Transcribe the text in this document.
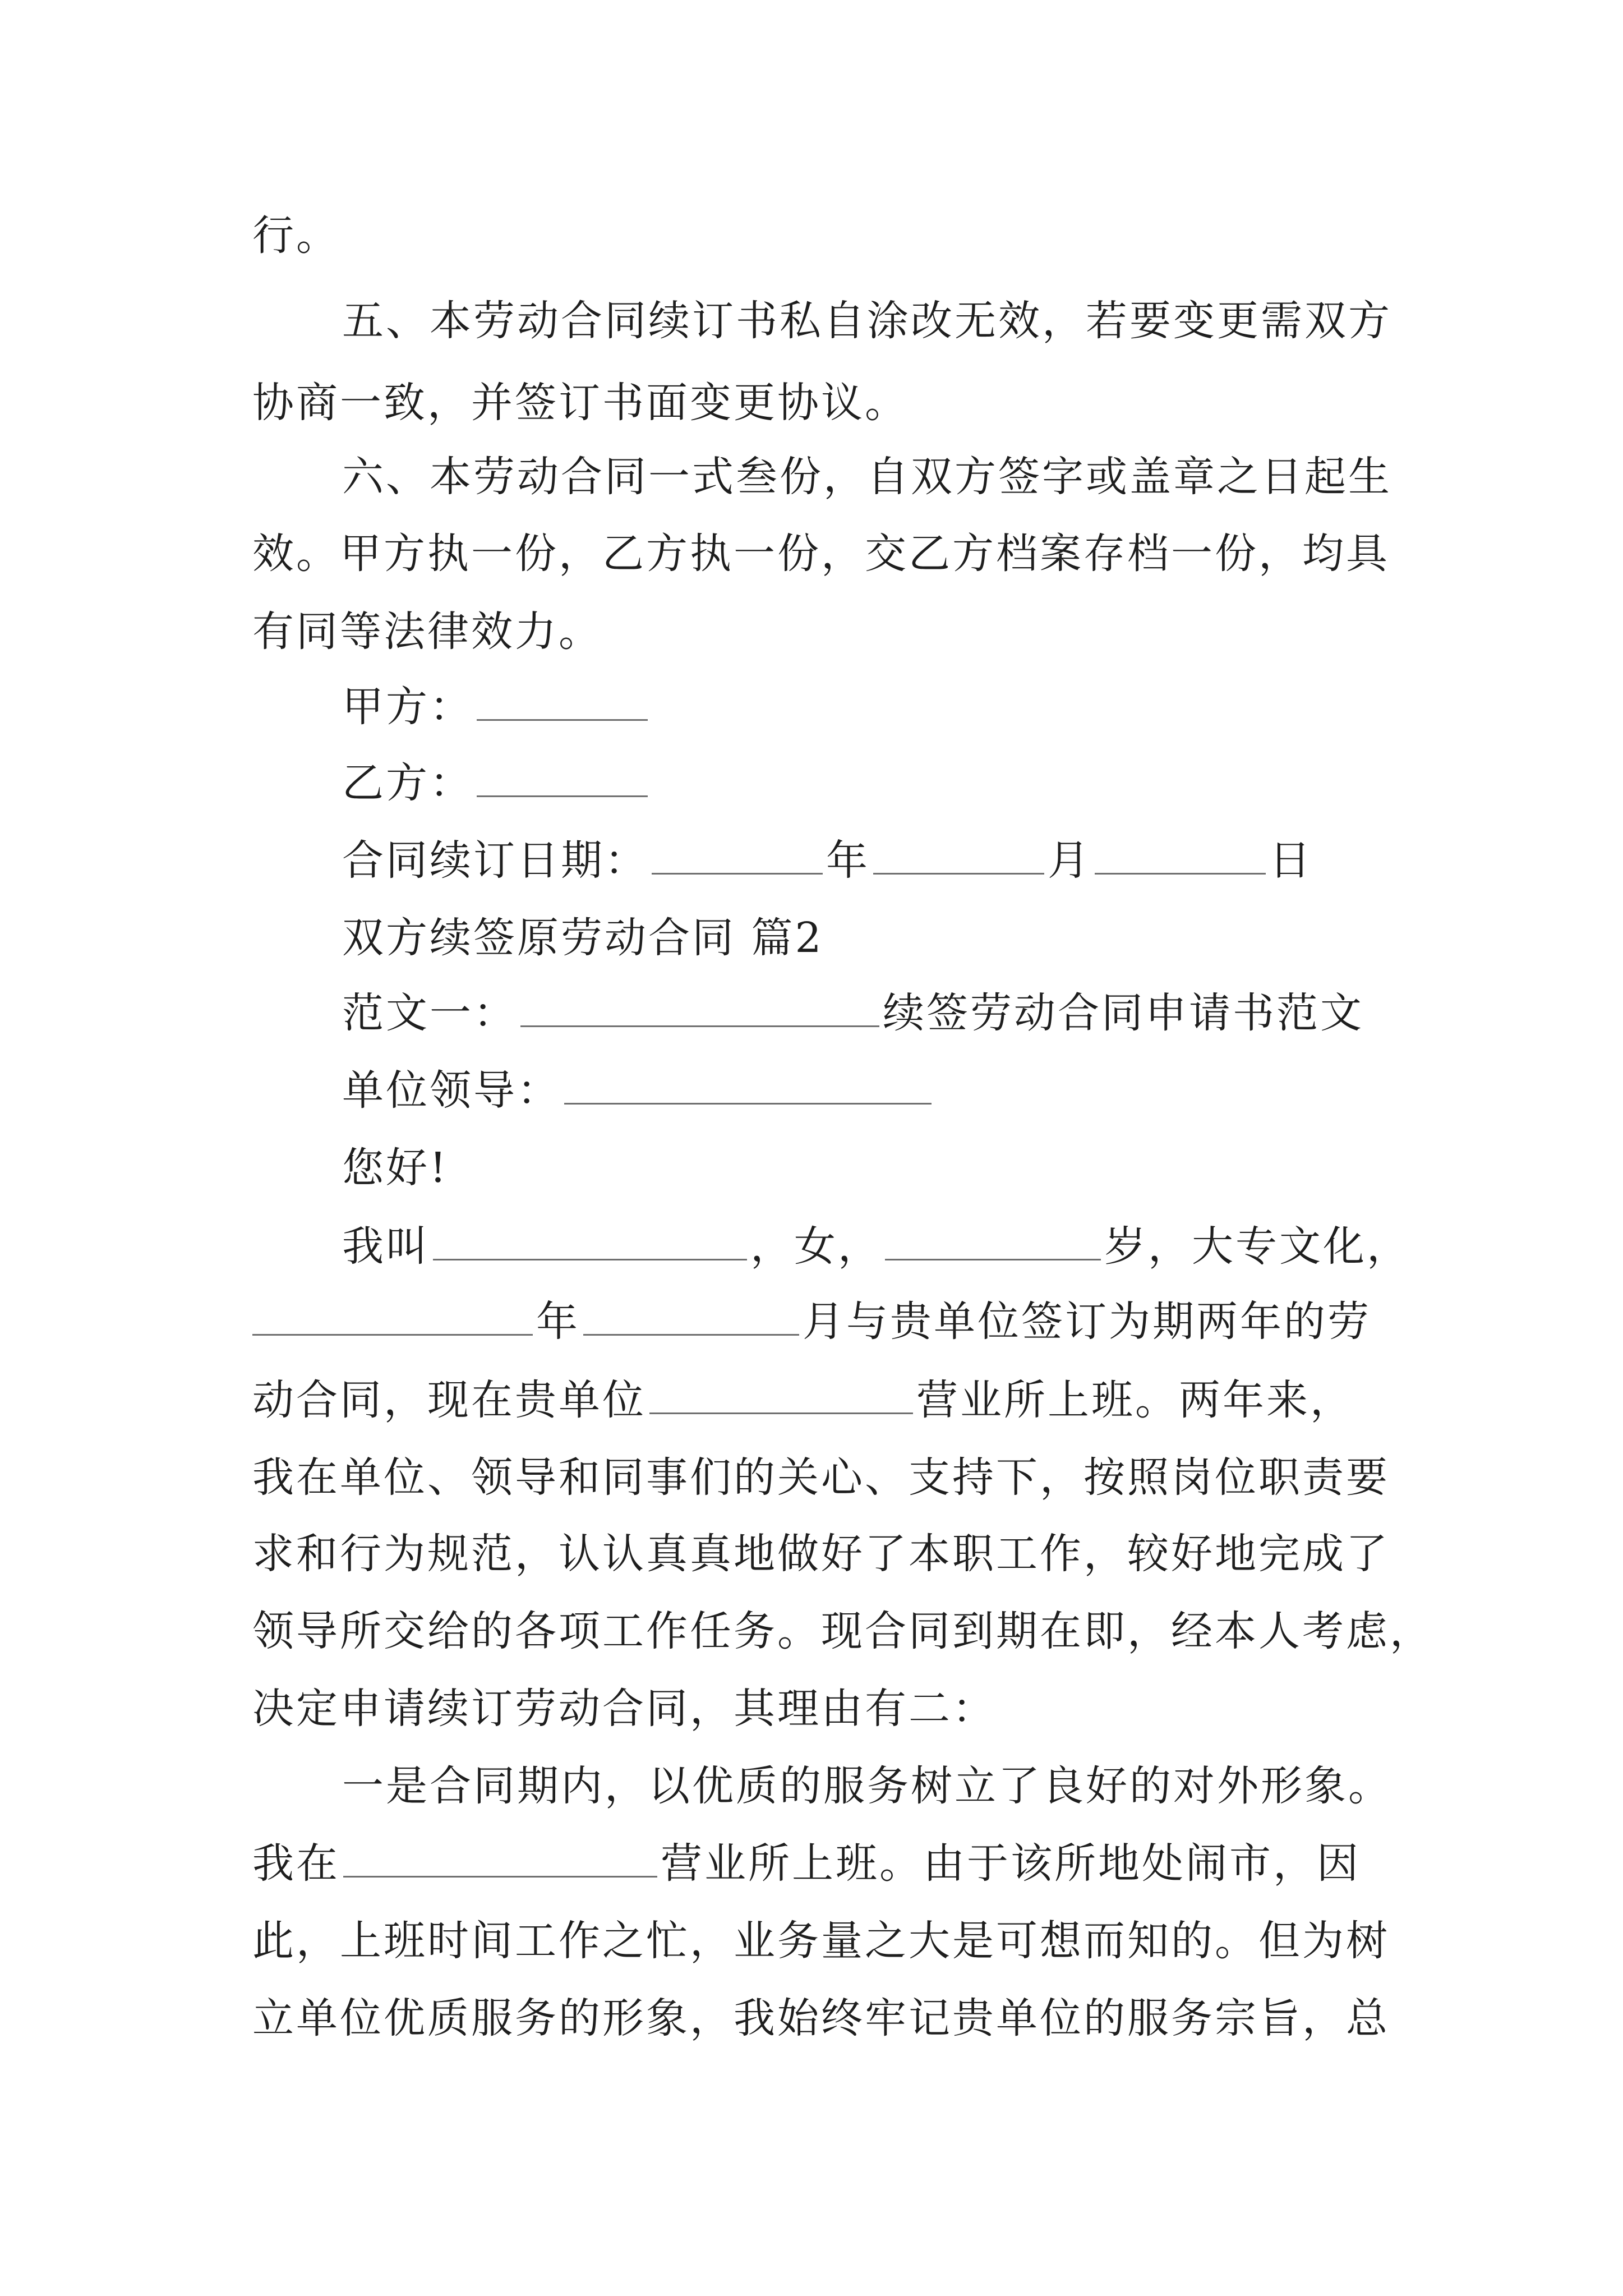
行。
五、本劳动合同续订书私自涂改无效，若要变更需双方
协商一致，并签订书面变更协议。
六、本劳动合同一式叁份，自双方签字或盖章之日起生
效。甲方执一份，乙方执一份，交乙方档案存档一份，均具
有同等法律效力。
甲方：
乙方：
合同续订日期：	年	月	日
双方续签原劳动合同 篇2
范文一：	续签劳动合同申请书范文
单位领导：
您好!
我叫	，女，	岁，大专文化，
年	月与贵单位签订为期两年的劳
动合同，现在贵单位	营业所上班。两年来，
我在单位、领导和同事们的关心、支持下，按照岗位职责要
求和行为规范，认认真真地做好了本职工作，较好地完成了
领导所交给的各项工作任务。现合同到期在即，经本人考虑，
决定申请续订劳动合同，其理由有二：
一是合同期内，以优质的服务树立了良好的对外形象。
我在	营业所上班。由于该所地处闹市，因
此，上班时间工作之忙，业务量之大是可想而知的。但为树
立单位优质服务的形象，我始终牢记贵单位的服务宗旨，总
